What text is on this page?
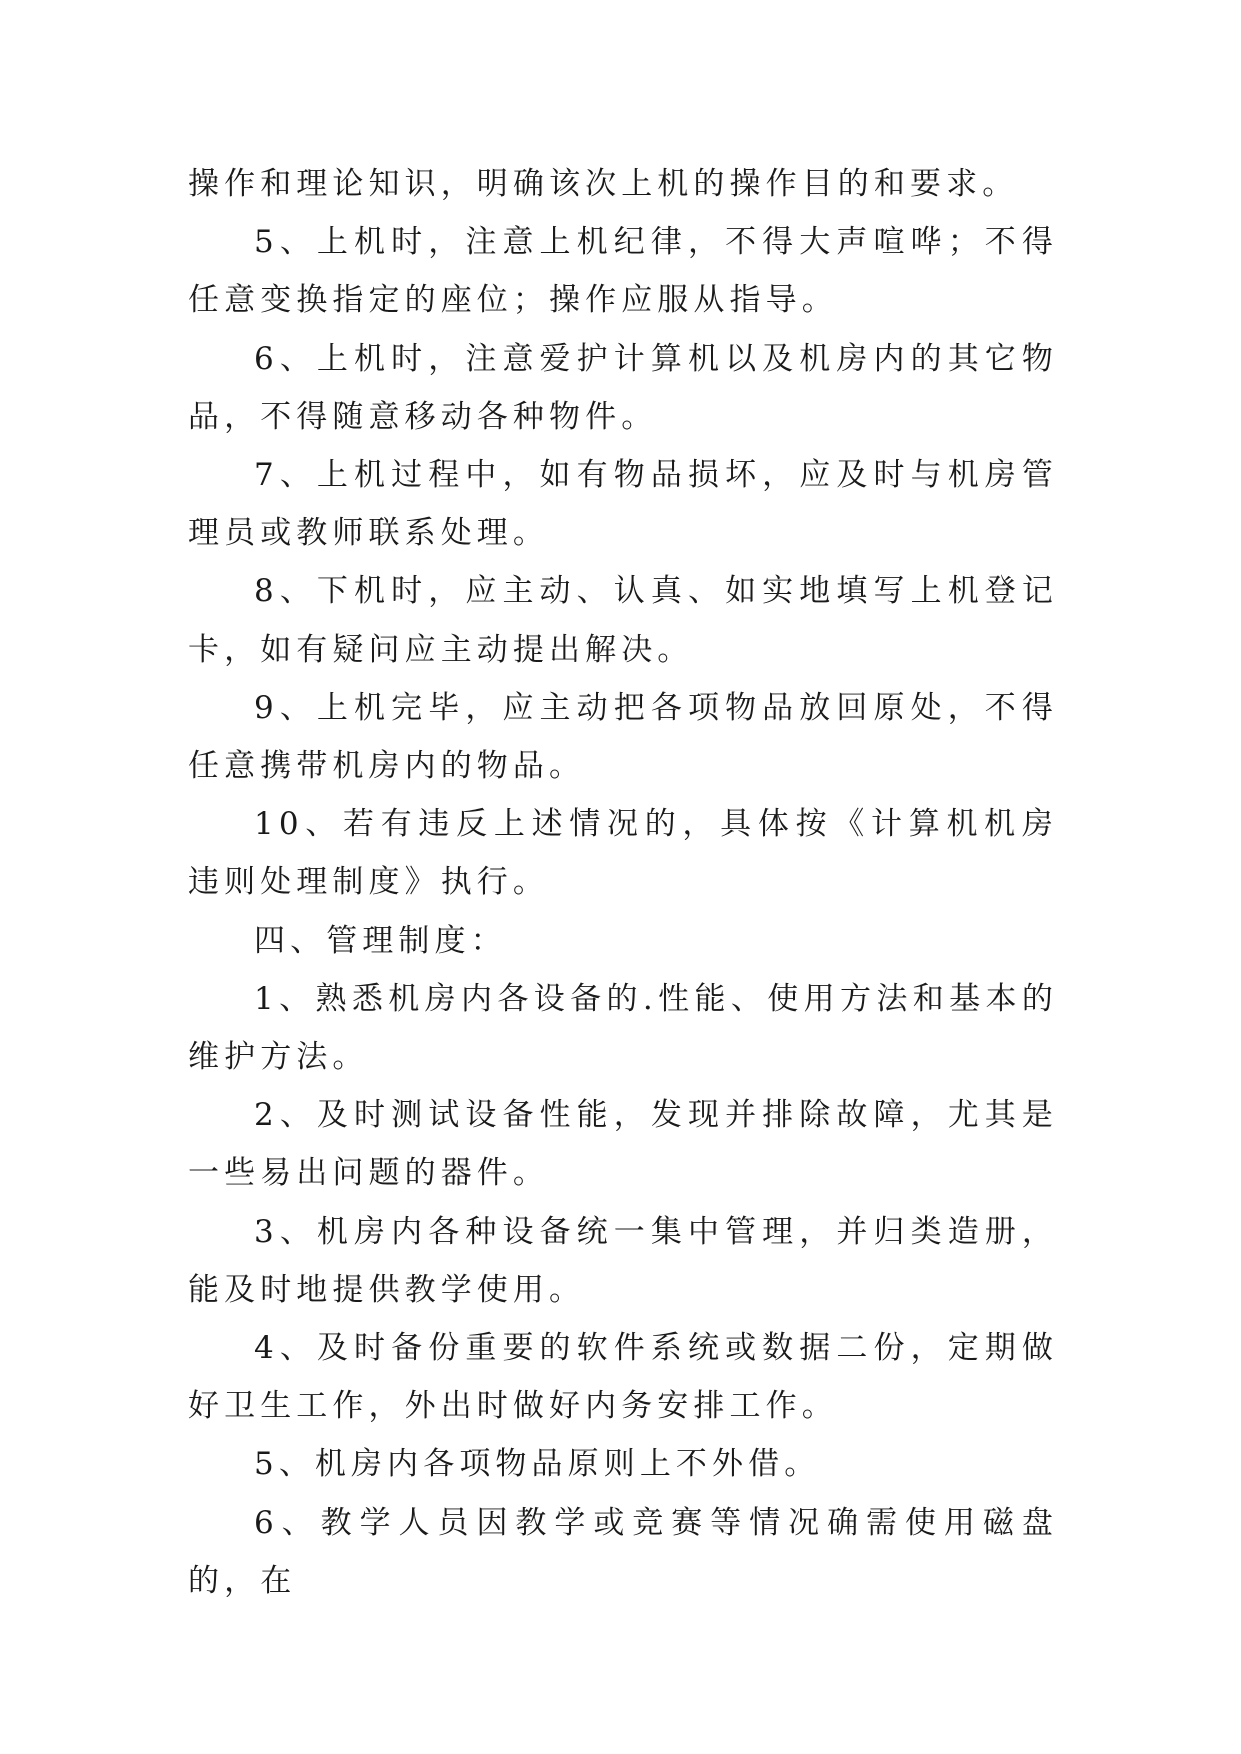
操作和理论知识，明确该次上机的操作目的和要求。

5、上机时，注意上机纪律，不得大声喧哗；不得任意变换指定的座位；操作应服从指导。

6、上机时，注意爱护计算机以及机房内的其它物品，不得随意移动各种物件。

7、上机过程中，如有物品损坏，应及时与机房管理员或教师联系处理。

8、下机时，应主动、认真、如实地填写上机登记卡，如有疑问应主动提出解决。

9、上机完毕，应主动把各项物品放回原处，不得任意携带机房内的物品。

10、若有违反上述情况的，具体按《计算机机房违则处理制度》执行。

四、管理制度：

1、熟悉机房内各设备的.性能、使用方法和基本的维护方法。

2、及时测试设备性能，发现并排除故障，尤其是一些易出问题的器件。

3、机房内各种设备统一集中管理，并归类造册，能及时地提供教学使用。

4、及时备份重要的软件系统或数据二份，定期做好卫生工作，外出时做好内务安排工作。

5、机房内各项物品原则上不外借。

6、教学人员因教学或竞赛等情况确需使用磁盘的，在
